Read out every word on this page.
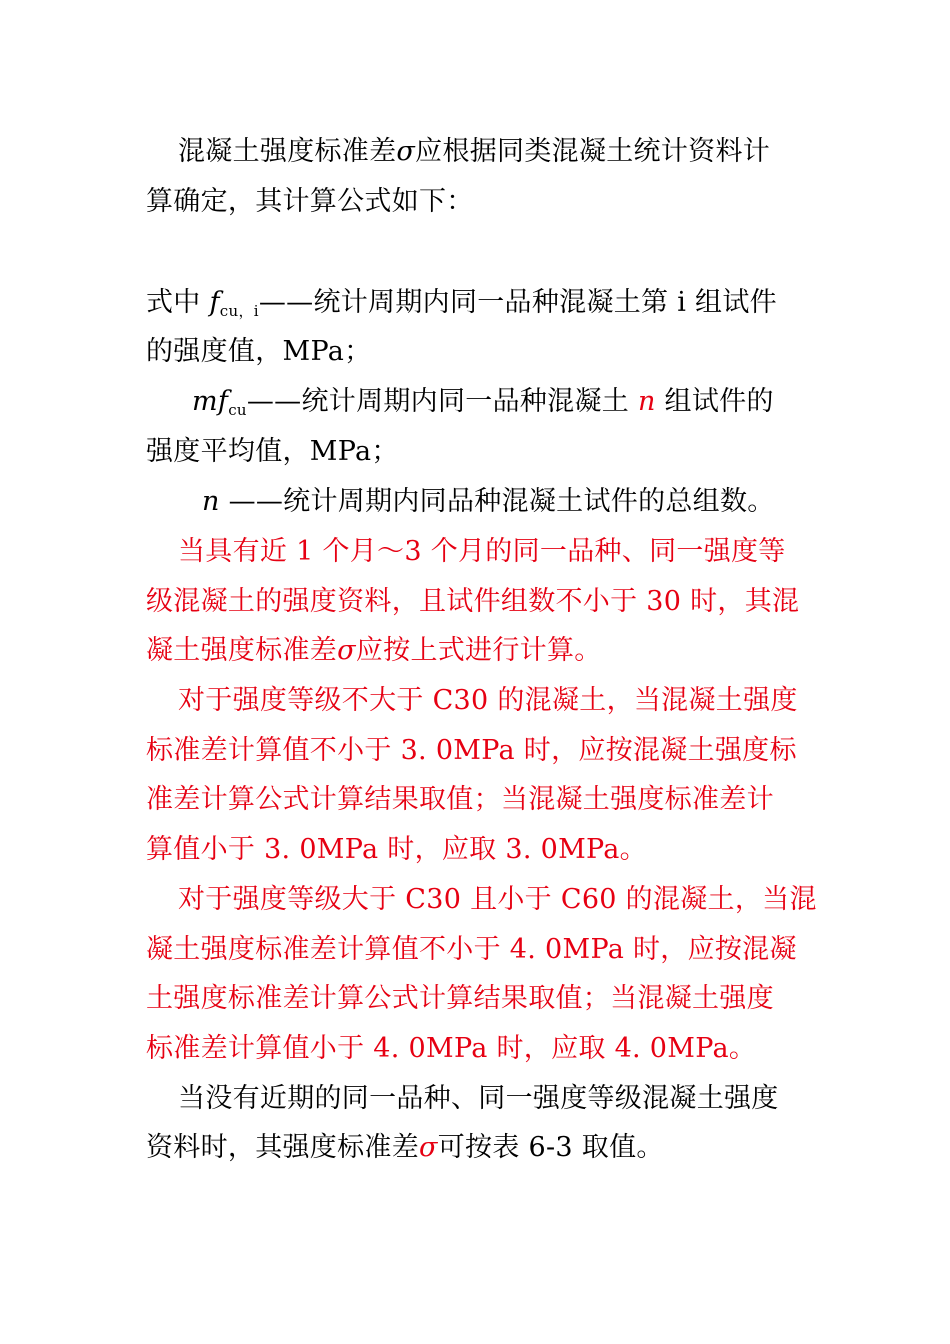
混凝土强度标准差σ应根据同类混凝土统计资料计
算确定，其计算公式如下：
式中 fcu，i——统计周期内同一品种混凝土第 i 组试件
的强度值，MPa；
mfcu——统计周期内同一品种混凝土 n 组试件的
强度平均值，MPa；
n ——统计周期内同品种混凝土试件的总组数。
当具有近 1 个月～3 个月的同一品种、同一强度等
级混凝土的强度资料，且试件组数不小于 30 时，其混
凝土强度标准差σ应按上式进行计算。
对于强度等级不大于 C30 的混凝土，当混凝土强度
标准差计算值不小于 3. 0MPa 时，应按混凝土强度标
准差计算公式计算结果取值；当混凝土强度标准差计
算值小于 3. 0MPa 时，应取 3. 0MPa。
对于强度等级大于 C30 且小于 C60 的混凝土，当混
凝土强度标准差计算值不小于 4. 0MPa 时，应按混凝
土强度标准差计算公式计算结果取值；当混凝土强度
标准差计算值小于 4. 0MPa 时，应取 4. 0MPa。
当没有近期的同一品种、同一强度等级混凝土强度
资料时，其强度标准差σ可按表 6-3 取值。
